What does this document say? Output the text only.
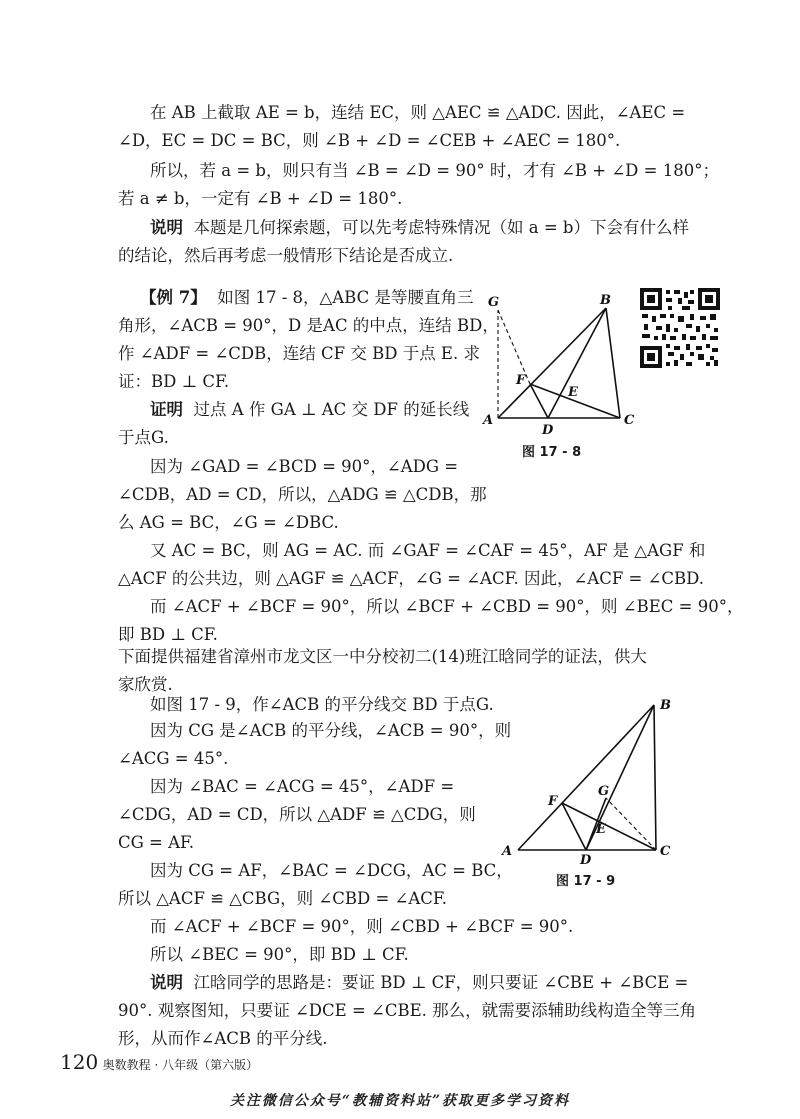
在 AB 上截取 AE = b，连结 EC，则 △AEC ≌ △ADC. 因此，∠AEC =
∠D，EC = DC = BC，则 ∠B + ∠D = ∠CEB + ∠AEC = 180°.
所以，若 a = b，则只有当 ∠B = ∠D = 90° 时，才有 ∠B + ∠D = 180°；
若 a ≠ b，一定有 ∠B + ∠D = 180°.
说明 本题是几何探索题，可以先考虑特殊情况（如 a = b）下会有什么样
的结论，然后再考虑一般情形下结论是否成立.
【例 7】 如图 17 - 8，△ABC 是等腰直角三
角形，∠ACB = 90°，D 是AC 的中点，连结 BD，
作 ∠ADF = ∠CDB，连结 CF 交 BD 于点 E. 求
证：BD ⊥ CF.
证明 过点 A 作 GA ⊥ AC 交 DF 的延长线
于点G.
因为 ∠GAD = ∠BCD = 90°，∠ADG =
∠CDB，AD = CD，所以，△ADG ≌ △CDB，那
么 AG = BC，∠G = ∠DBC.
又 AC = BC，则 AG = AC. 而 ∠GAF = ∠CAF = 45°，AF 是 △AGF 和
△ACF 的公共边，则 △AGF ≌ △ACF，∠G = ∠ACF. 因此，∠ACF = ∠CBD.
而 ∠ACF + ∠BCF = 90°，所以 ∠BCF + ∠CBD = 90°，则 ∠BEC = 90°，
即 BD ⊥ CF.
G	B
F
E
A
D
C
图 17 - 8
下面提供福建省漳州市龙文区一中分校初二(14)班江晗同学的证法，供大
家欣赏.
如图 17 - 9，作∠ACB 的平分线交 BD 于点G.
因为 CG 是∠ACB 的平分线，∠ACB = 90°，则
∠ACG = 45°.
因为 ∠BAC = ∠ACG = 45°，∠ADF =
∠CDG，AD = CD，所以 △ADF ≌ △CDG，则
CG = AF.
因为 CG = AF，∠BAC = ∠DCG，AC = BC，
所以 △ACF ≌ △CBG，则 ∠CBD = ∠ACF.
而 ∠ACF + ∠BCF = 90°，则 ∠CBD + ∠BCF = 90°.
所以 ∠BEC = 90°，即 BD ⊥ CF.
说明 江晗同学的思路是：要证 BD ⊥ CF，则只要证 ∠CBE + ∠BCE =
90°. 观察图知，只要证 ∠DCE = ∠CBE. 那么，就需要添辅助线构造全等三角
形，从而作∠ACB 的平分线.
B
F
G
E
A
D
C
图 17 - 9
120 奥数教程 · 八年级（第六版）
关注微信公众号“教辅资料站”获取更多学习资料
